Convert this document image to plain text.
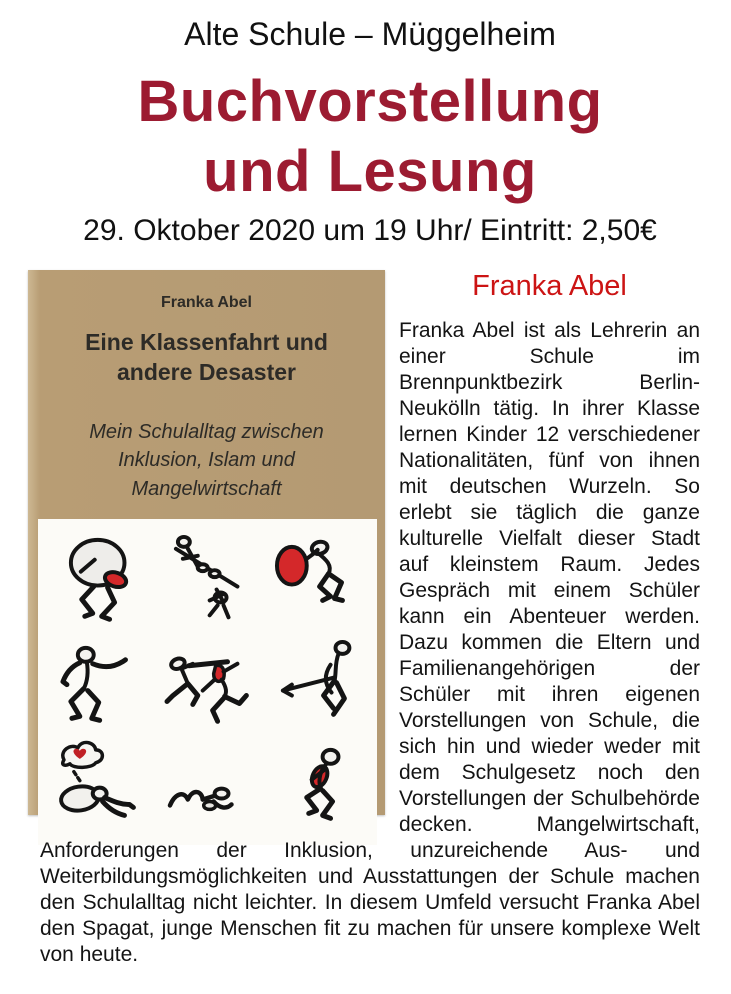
Alte Schule – Müggelheim
Buchvorstellung
und Lesung
29. Oktober 2020 um 19 Uhr/ Eintritt: 2,50€
Franka Abel
Eine Klassenfahrt und andere Desaster
Mein Schulalltag zwischen Inklusion, Islam und Mangelwirtschaft
Franka Abel

Franka Abel ist als Lehrerin an einer Schule im Brennpunktbezirk Berlin-Neukölln tätig. In ihrer Klasse lernen Kinder 12 verschiedener Nationalitäten, fünf von ihnen mit deutschen Wurzeln. So erlebt sie täglich die ganze kulturelle Vielfalt dieser Stadt auf kleinstem Raum. Jedes Gespräch mit einem Schüler kann ein Abenteuer werden. Dazu kommen die Eltern und Familienangehörigen der Schüler mit ihren eigenen Vorstellungen von Schule, die sich hin und wieder weder mit dem Schulgesetz noch den Vorstellungen der Schulbehörde decken. Mangelwirtschaft, Anforderungen der Inklusion, unzureichende Aus- und Weiterbildungsmöglichkeiten und Ausstattungen der Schule machen den Schulalltag nicht leichter. In diesem Umfeld versucht Franka Abel den Spagat, junge Menschen fit zu machen für unsere komplexe Welt von heute.
